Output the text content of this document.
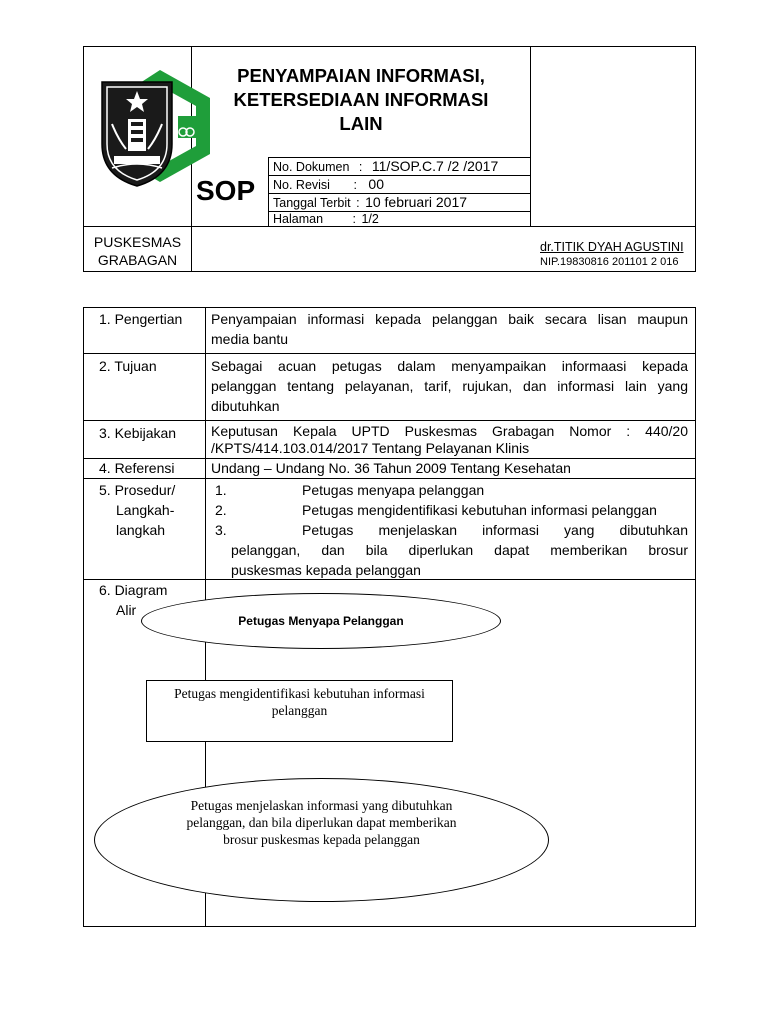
PENYAMPAIAN INFORMASI,
KETERSEDIAAN INFORMASI
LAIN
SOP
No. Dokumen : 11/SOP.C.7 /2 /2017
No. Revisi : 00
Tanggal Terbit : 10 februari 2017
Halaman : 1/2
PUSKESMAS
GRABAGAN
dr.TITIK DYAH AGUSTINI
NIP.19830816 201101 2 016
1. Pengertian Penyampaian informasi kepada pelanggan baik secara lisan maupun
media bantu
2. Tujuan	Sebagai acuan petugas dalam menyampaikan informaasi kepada
pelanggan tentang pelayanan, tarif, rujukan, dan informasi lain yang
dibutuhkan
3. Kebijakan Keputusan Kepala UPTD Puskesmas Grabagan Nomor : 440/20
/KPTS/414.103.014/2017 Tentang Pelayanan Klinis
4. Referensi	Undang – Undang No. 36 Tahun 2009 Tentang Kesehatan
5. Prosedur/
Langkah-
langkah
1.	Petugas menyapa pelanggan
2.	Petugas mengidentifikasi kebutuhan informasi pelanggan
3.	Petugas menjelaskan informasi yang dibutuhkan
pelanggan, dan bila diperlukan dapat memberikan brosur
puskesmas kepada pelanggan
6. Diagram
Alir
Petugas Menyapa Pelanggan
Petugas mengidentifikasi kebutuhan informasi
pelanggan
Petugas menjelaskan informasi yang dibutuhkan
pelanggan, dan bila diperlukan dapat memberikan
brosur puskesmas kepada pelanggan
